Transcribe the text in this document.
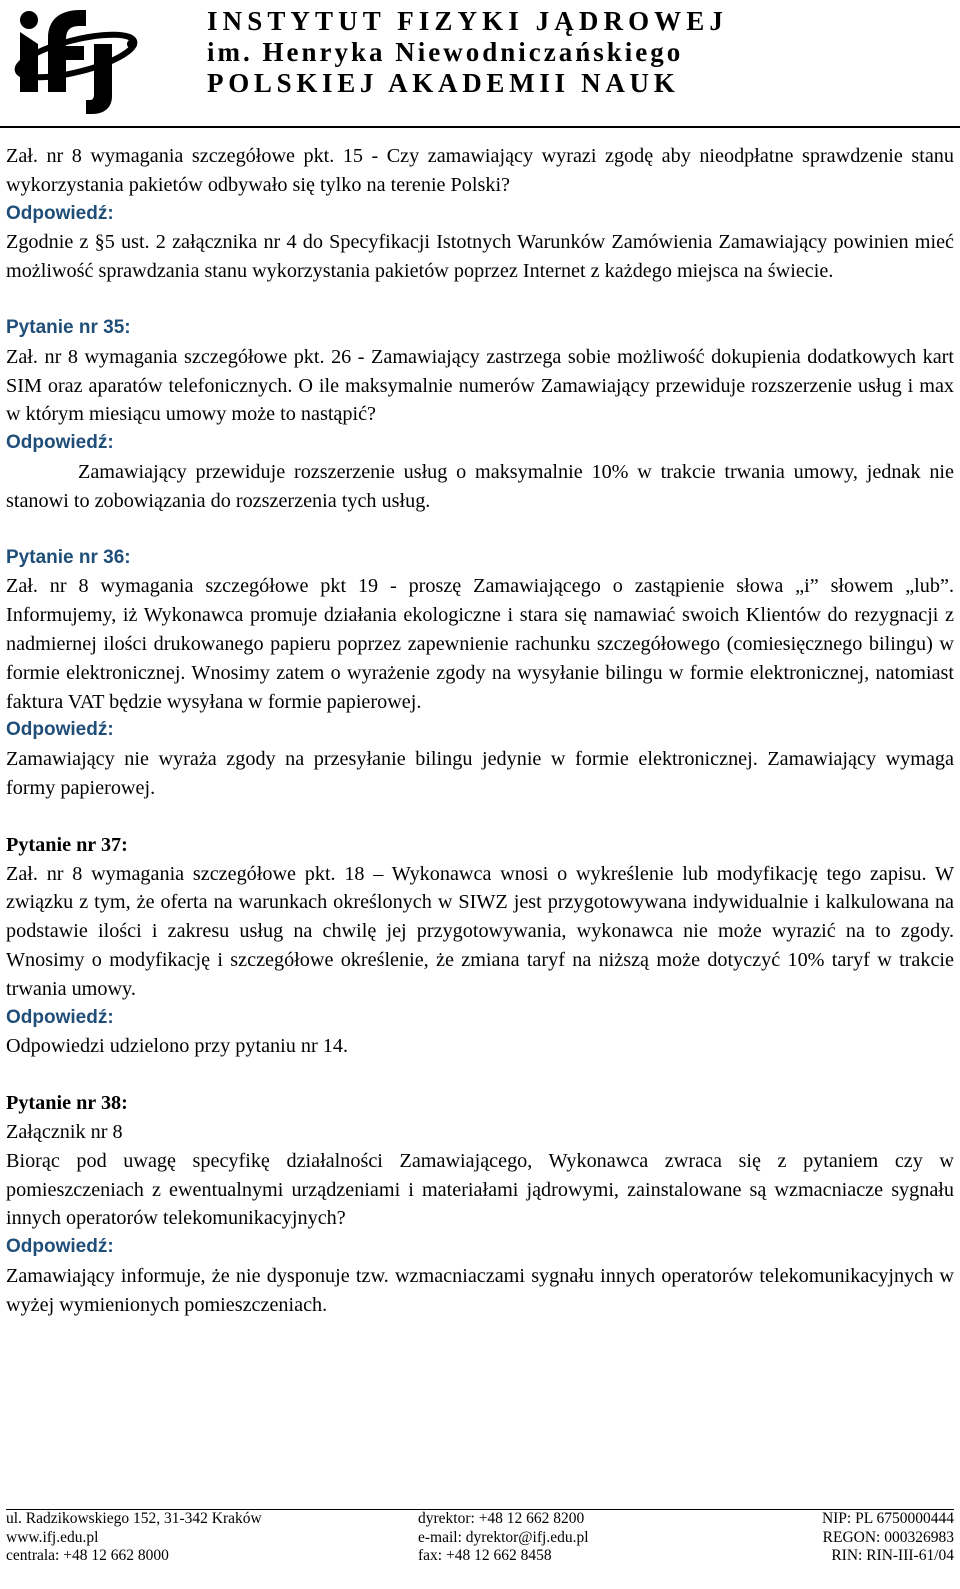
INSTYTUT FIZYKI JĄDROWEJ
im. Henryka Niewodniczańskiego
POLSKIEJ AKADEMII NAUK

Zał. nr 8 wymagania szczegółowe pkt. 15 - Czy zamawiający wyrazi zgodę aby nieodpłatne sprawdzenie stanu wykorzystania pakietów odbywało się tylko na terenie Polski?

Odpowiedź:

Zgodnie z §5 ust. 2 załącznika nr 4 do Specyfikacji Istotnych Warunków Zamówienia Zamawiający powinien mieć możliwość sprawdzania stanu wykorzystania pakietów poprzez Internet z każdego miejsca na świecie.

Pytanie nr 35:

Zał. nr 8 wymagania szczegółowe pkt. 26 - Zamawiający zastrzega sobie możliwość dokupienia dodatkowych kart SIM oraz aparatów telefonicznych. O ile maksymalnie numerów Zamawiający przewiduje rozszerzenie usług i max w którym miesiącu umowy może to nastąpić?

Odpowiedź:

Zamawiający przewiduje rozszerzenie usług o maksymalnie 10% w trakcie trwania umowy, jednak nie stanowi to zobowiązania do rozszerzenia tych usług.

Pytanie nr 36:

Zał. nr 8 wymagania szczegółowe pkt 19 - proszę Zamawiającego o zastąpienie słowa „i” słowem „lub”. Informujemy, iż Wykonawca promuje działania ekologiczne i stara się namawiać swoich Klientów do rezygnacji z nadmiernej ilości drukowanego papieru poprzez zapewnienie rachunku szczegółowego (comiesięcznego bilingu) w formie elektronicznej. Wnosimy zatem o wyrażenie zgody na wysyłanie bilingu w formie elektronicznej, natomiast faktura VAT będzie wysyłana w formie papierowej.

Odpowiedź:

Zamawiający nie wyraża zgody na przesyłanie bilingu jedynie w formie elektronicznej. Zamawiający wymaga formy papierowej.

Pytanie nr 37:

Zał. nr 8 wymagania szczegółowe pkt. 18 – Wykonawca wnosi o wykreślenie lub modyfikację tego zapisu. W związku z tym, że oferta na warunkach określonych w SIWZ jest przygotowywana indywidualnie i kalkulowana na podstawie ilości i zakresu usług na chwilę jej przygotowywania, wykonawca nie może wyrazić na to zgody. Wnosimy o modyfikację i szczegółowe określenie, że zmiana taryf na niższą może dotyczyć 10% taryf w trakcie trwania umowy.

Odpowiedź:

Odpowiedzi udzielono przy pytaniu nr 14.

Pytanie nr 38:

Załącznik nr 8

Biorąc pod uwagę specyfikę działalności Zamawiającego, Wykonawca zwraca się z pytaniem czy w pomieszczeniach z ewentualnymi urządzeniami i materiałami jądrowymi, zainstalowane są wzmacniacze sygnału innych operatorów telekomunikacyjnych?

Odpowiedź:

Zamawiający informuje, że nie dysponuje tzw. wzmacniaczami sygnału innych operatorów telekomunikacyjnych w wyżej wymienionych pomieszczeniach.

ul. Radzikowskiego 152, 31-342 Kraków
www.ifj.edu.pl
centrala: +48 12 662 8000
dyrektor: +48 12 662 8200
e-mail: dyrektor@ifj.edu.pl
fax: +48 12 662 8458
NIP: PL 6750000444
REGON: 000326983
RIN: RIN-III-61/04
